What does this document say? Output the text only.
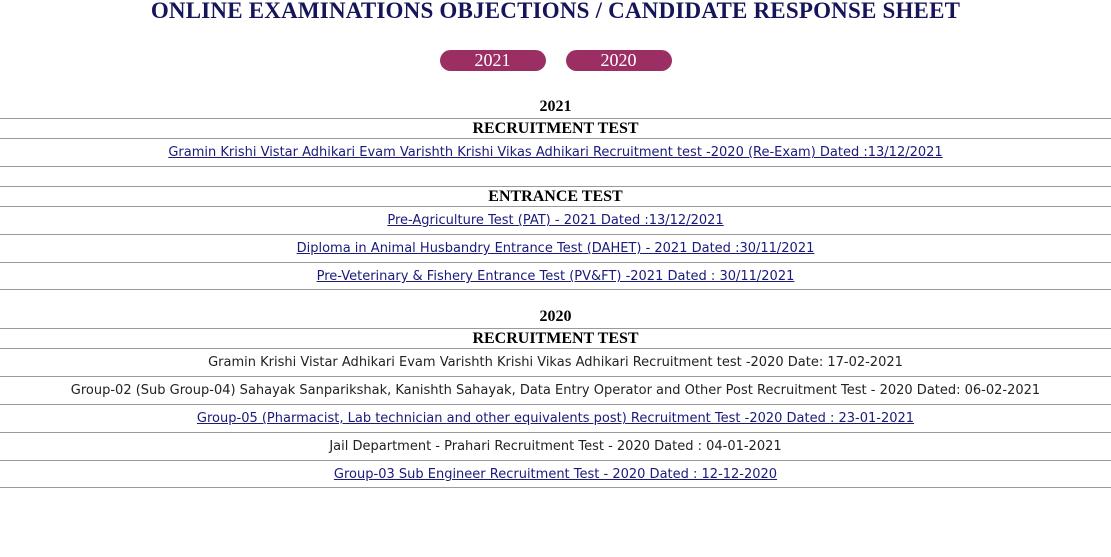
ONLINE EXAMINATIONS OBJECTIONS / CANDIDATE RESPONSE SHEET
2021	2020
2021
RECRUITMENT TEST
Gramin Krishi Vistar Adhikari Evam Varishth Krishi Vikas Adhikari Recruitment test -2020 (Re-Exam) Dated :13/12/2021
ENTRANCE TEST
Pre-Agriculture Test (PAT) - 2021 Dated :13/12/2021
Diploma in Animal Husbandry Entrance Test (DAHET) - 2021 Dated :30/11/2021
Pre-Veterinary & Fishery Entrance Test (PV&FT) -2021 Dated : 30/11/2021
2020
RECRUITMENT TEST
Gramin Krishi Vistar Adhikari Evam Varishth Krishi Vikas Adhikari Recruitment test -2020 Date: 17-02-2021
Group-02 (Sub Group-04) Sahayak Sanparikshak, Kanishth Sahayak, Data Entry Operator and Other Post Recruitment Test - 2020 Dated: 06-02-2021
Group-05 (Pharmacist, Lab technician and other equivalents post) Recruitment Test -2020 Dated : 23-01-2021
Jail Department - Prahari Recruitment Test - 2020 Dated : 04-01-2021
Group-03 Sub Engineer Recruitment Test - 2020 Dated : 12-12-2020
